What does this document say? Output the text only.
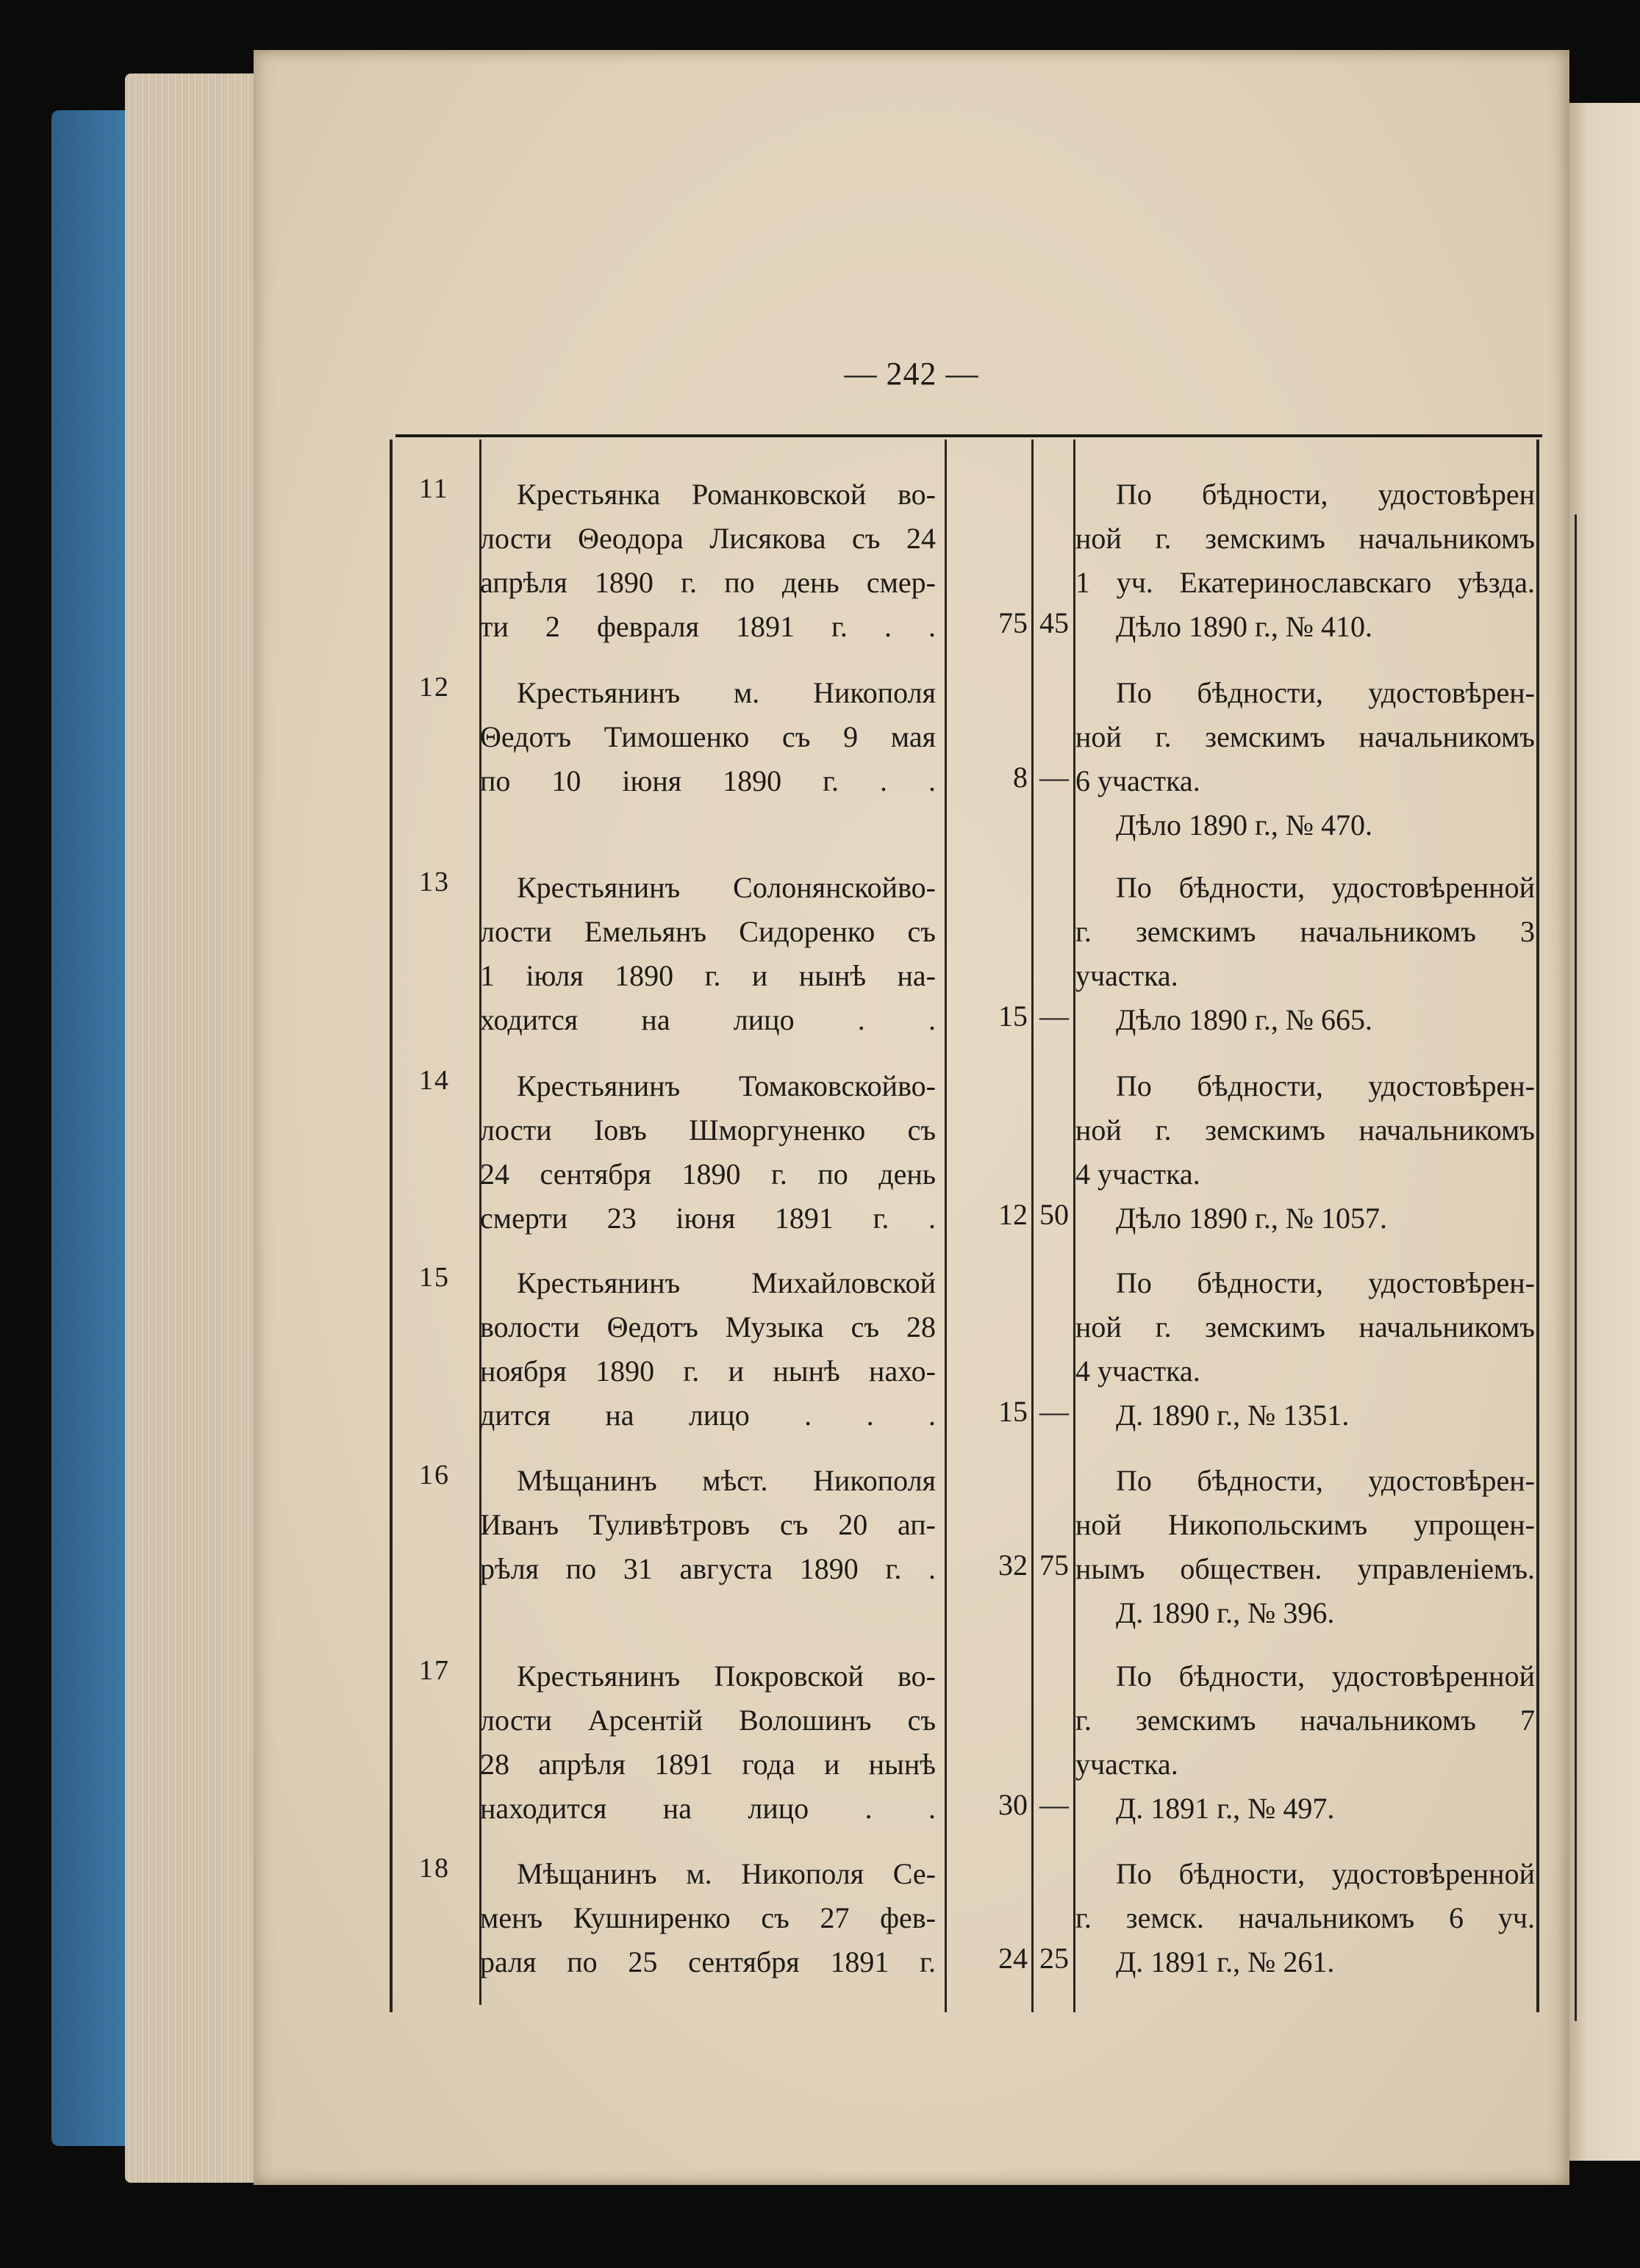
— 242 —
11	Крестьянка Романковской во-
лости Θеодора Лисякова съ 24
апрѣля 1890 г. по день смер-
ти 2 февраля 1891 г. . .	75 45
По бѣдности, удостовѣрен
ной г. земскимъ начальникомъ
1 уч. Екатеринославскаго уѣзда.
Дѣло 1890 г., № 410.
12	Крестьянинъ м. Никополя
Θедотъ Тимошенко съ 9 мая
по 10 іюня 1890 г. . .	8 —
По бѣдности, удостовѣрен-
ной г. земскимъ начальникомъ
6 участка.
Дѣло 1890 г., № 470.
13	Крестьянинъ Солонянскойво-
лости Емельянъ Сидоренко съ
1 іюля 1890 г. и нынѣ на-
ходится на лицо . .	15 —
По бѣдности, удостовѣренной
г. земскимъ начальникомъ 3
участка.
Дѣло 1890 г., № 665.
14	Крестьянинъ Томаковскойво-
лости Іовъ Шморгуненко съ
24 сентября 1890 г. по день
смерти 23 іюня 1891 г. .	12 50
По бѣдности, удостовѣрен-
ной г. земскимъ начальникомъ
4 участка.
Дѣло 1890 г., № 1057.
15	Крестьянинъ Михайловской
волости Θедотъ Музыка съ 28
ноября 1890 г. и нынѣ нахо-
дится на лицо . . .	15 —
По бѣдности, удостовѣрен-
ной г. земскимъ начальникомъ
4 участка.
Д. 1890 г., № 1351.
16	Мѣщанинъ мѣст. Никополя
Иванъ Туливѣтровъ съ 20 ап-
рѣля по 31 августа 1890 г. .	32 75
По бѣдности, удостовѣрен-
ной Никопольскимъ упрощен-
нымъ обществен. управленіемъ.
Д. 1890 г., № 396.
17	Крестьянинъ Покровской во-
лости Арсентій Волошинъ съ
28 апрѣля 1891 года и нынѣ
находится на лицо . .	30 —
По бѣдности, удостовѣренной
г. земскимъ начальникомъ 7
участка.
Д. 1891 г., № 497.
18	Мѣщанинъ м. Никополя Се-
менъ Кушниренко съ 27 фев-
раля по 25 сентября 1891 г.	24 25
По бѣдности, удостовѣренной
г. земск. начальникомъ 6 уч.
Д. 1891 г., № 261.
